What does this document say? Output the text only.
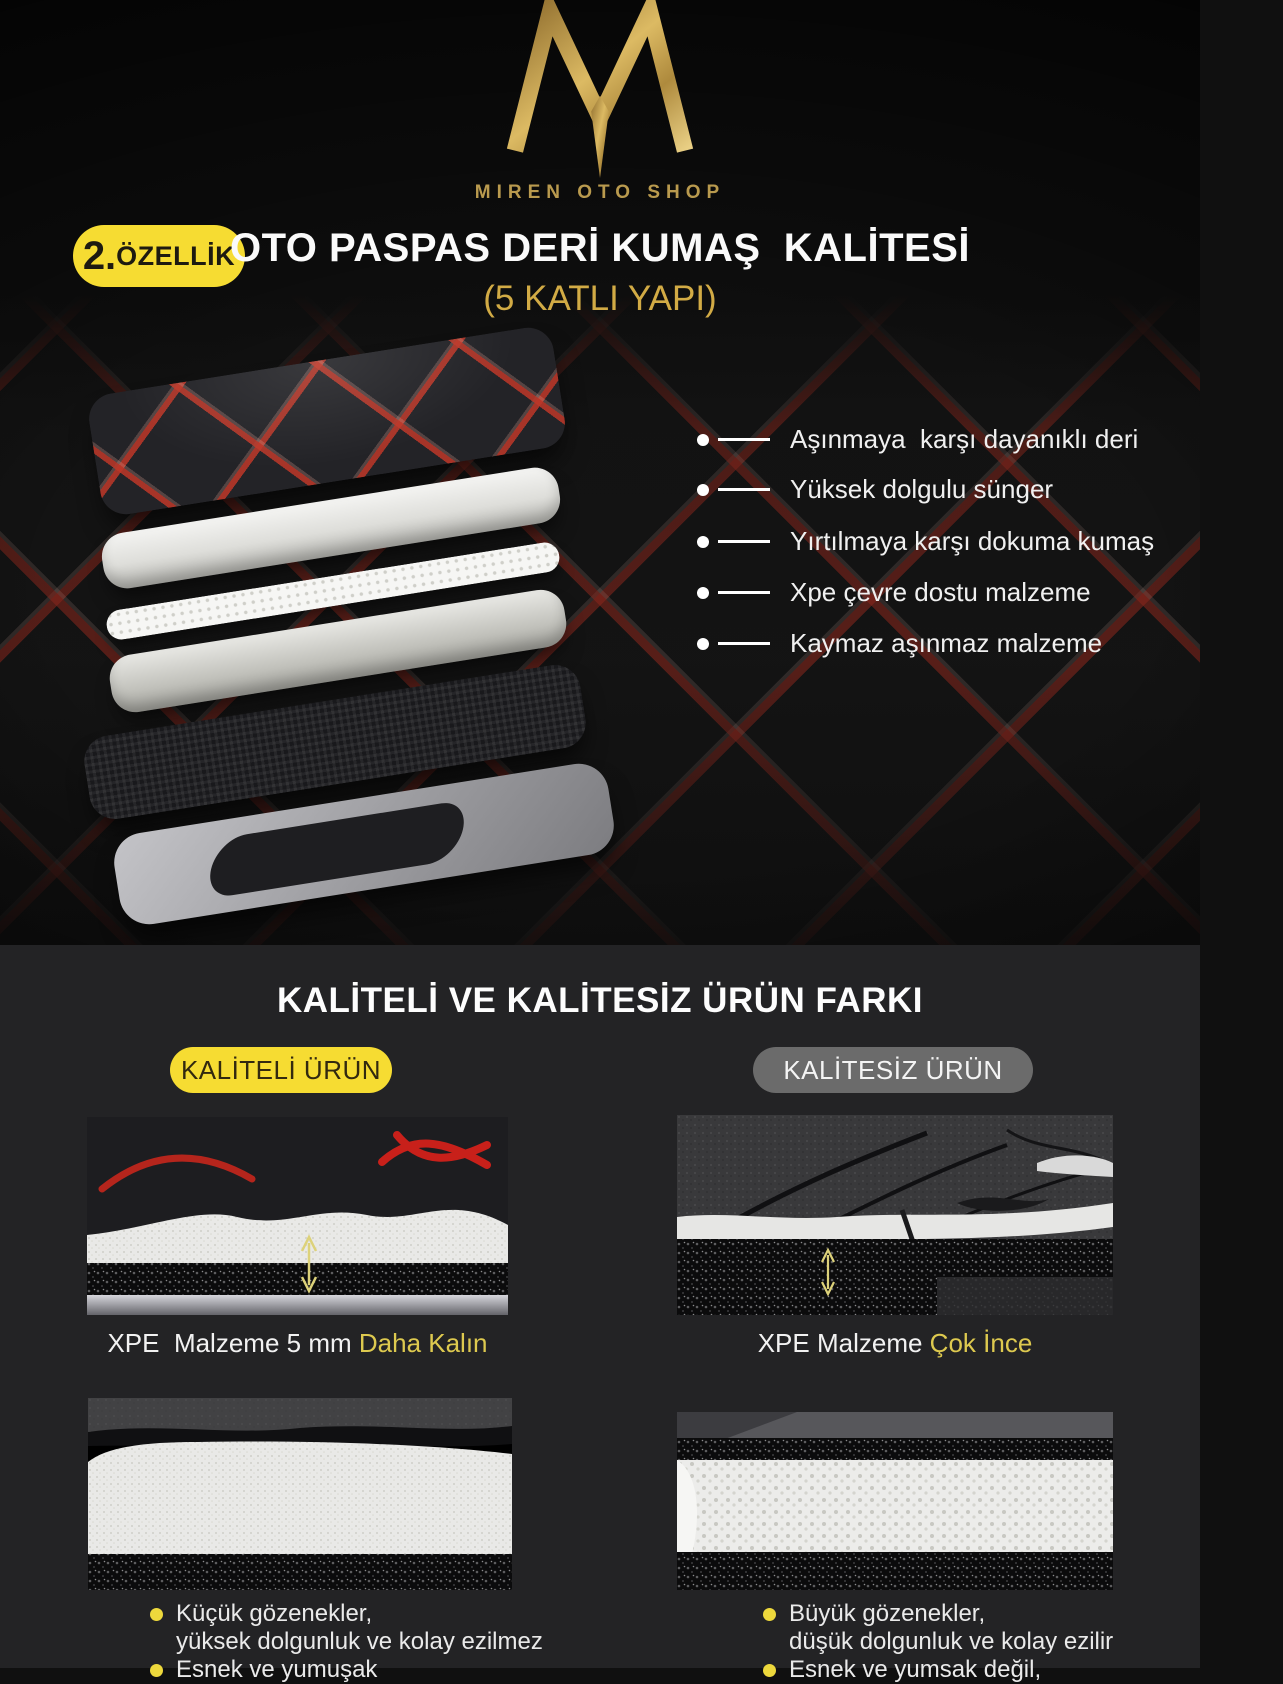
MIREN OTO SHOP
2. ÖZELLİK
OTO PASPAS DERİ KUMAŞ  KALİTESİ
(5 KATLI YAPI)
Aşınmaya  karşı dayanıklı deri
Yüksek dolgulu sünger
Yırtılmaya karşı dokuma kumaş
Xpe çevre dostu malzeme
Kaymaz aşınmaz malzeme
KALİTELİ VE KALİTESİZ ÜRÜN FARKI
KALİTELİ ÜRÜN	KALİTESİZ ÜRÜN
XPE  Malzeme 5 mm Daha Kalın	XPE Malzeme Çok İnce
Küçük gözenekler,
yüksek dolgunluk ve kolay ezilmez
Esnek ve yumuşak
Büyük gözenekler,
düşük dolgunluk ve kolay ezilir
Esnek ve yumsak değil,
